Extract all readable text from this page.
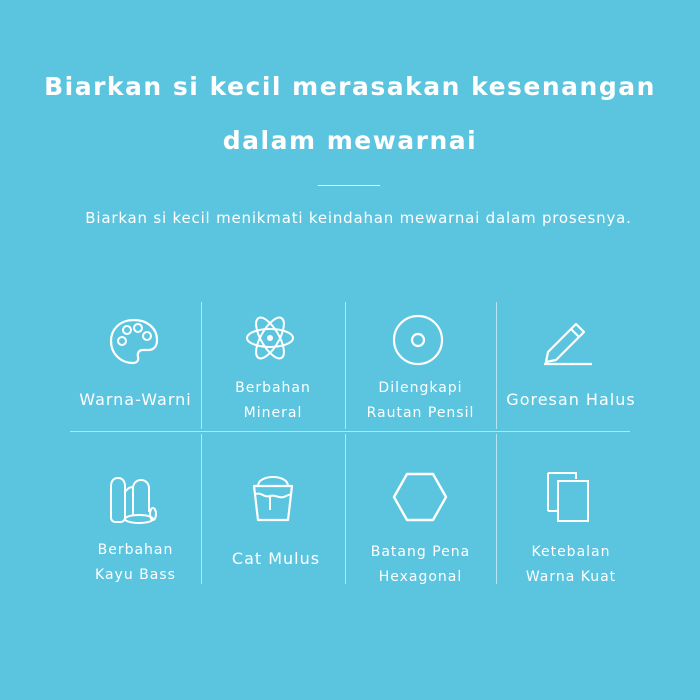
Biarkan si kecil merasakan kesenangan
dalam mewarnai

Biarkan si kecil menikmati keindahan mewarnai dalam prosesnya.

Warna-Warni
Berbahan
Mineral
Dilengkapi
Rautan Pensil
Goresan Halus
Berbahan
Kayu Bass
Cat Mulus	Batang Pena
Hexagonal
Ketebalan
Warna Kuat
